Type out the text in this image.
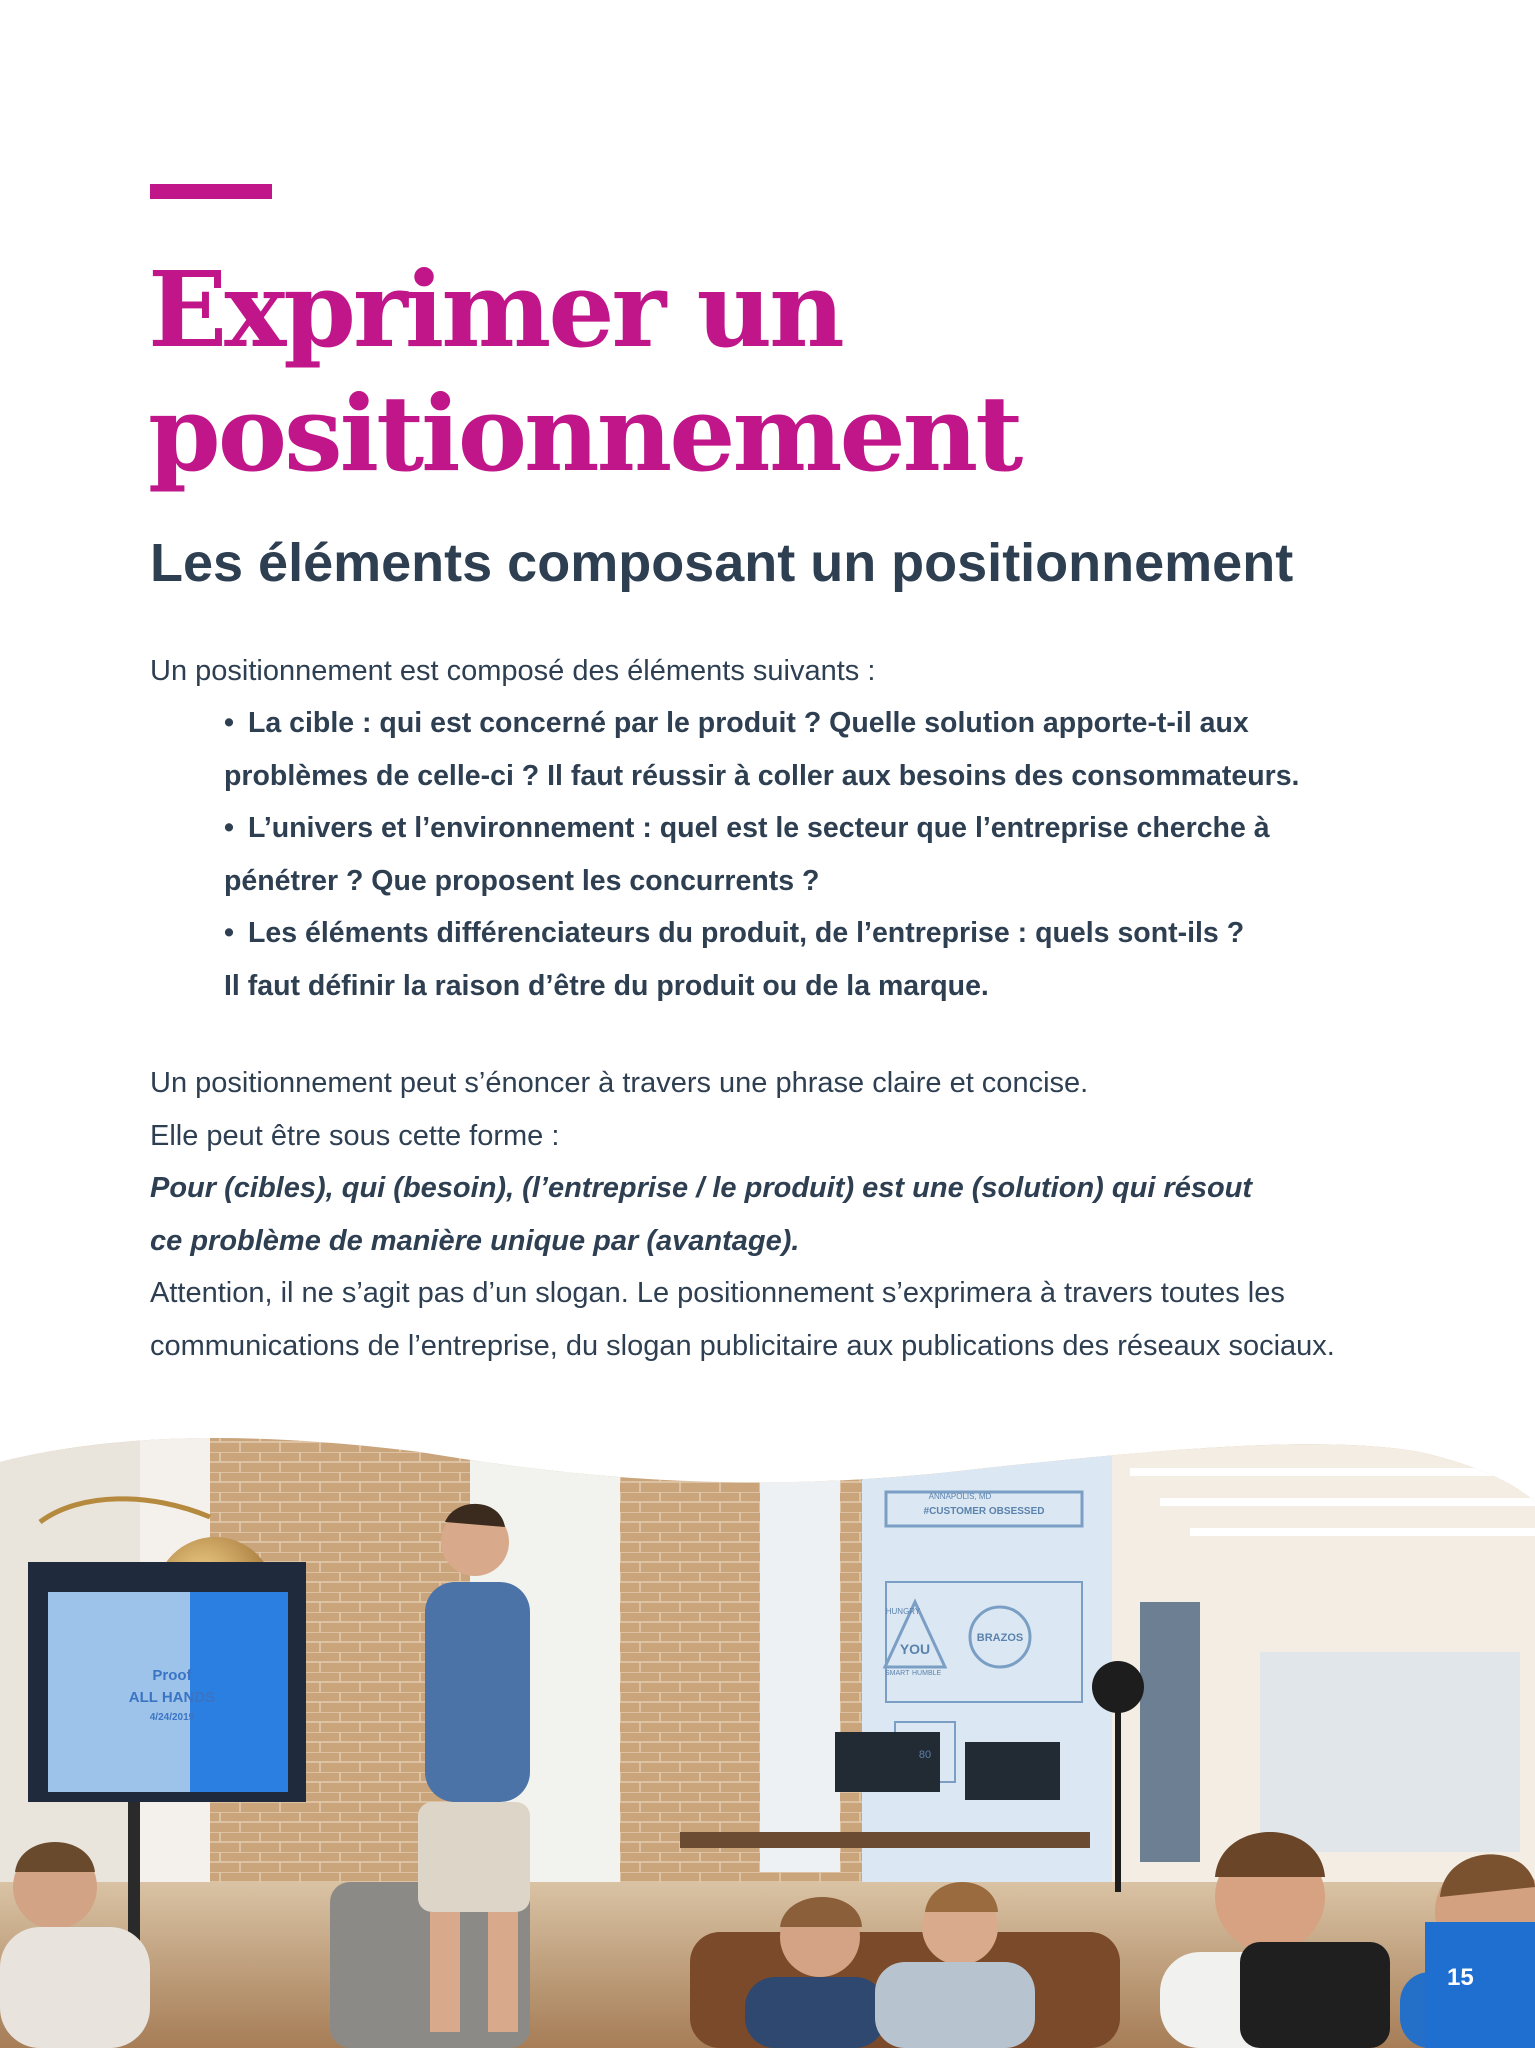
Exprimer un positionnement
Les éléments composant un positionnement

Un positionnement est composé des éléments suivants :

• La cible : qui est concerné par le produit ? Quelle solution apporte-t-il aux
problèmes de celle-ci ? Il faut réussir à coller aux besoins des consommateurs.
• L’univers et l’environnement : quel est le secteur que l’entreprise cherche à
pénétrer ? Que proposent les concurrents ?
• Les éléments différenciateurs du produit, de l’entreprise : quels sont-ils ?
Il faut définir la raison d’être du produit ou de la marque.

Un positionnement peut s’énoncer à travers une phrase claire et concise.

Elle peut être sous cette forme :

Pour (cibles), qui (besoin), (l’entreprise / le produit) est une (solution) qui résout

ce problème de manière unique par (avantage).

Attention, il ne s’agit pas d’un slogan. Le positionnement s’exprimera à travers toutes les

communications de l’entreprise, du slogan publicitaire aux publications des réseaux sociaux.

Proof
ALL HANDS
4/24/2019
ANNAPOLIS, MD
#CUSTOMER OBSESSED
HUNGRY
YOU
SMART HUMBLE
BRAZOS
80
15
